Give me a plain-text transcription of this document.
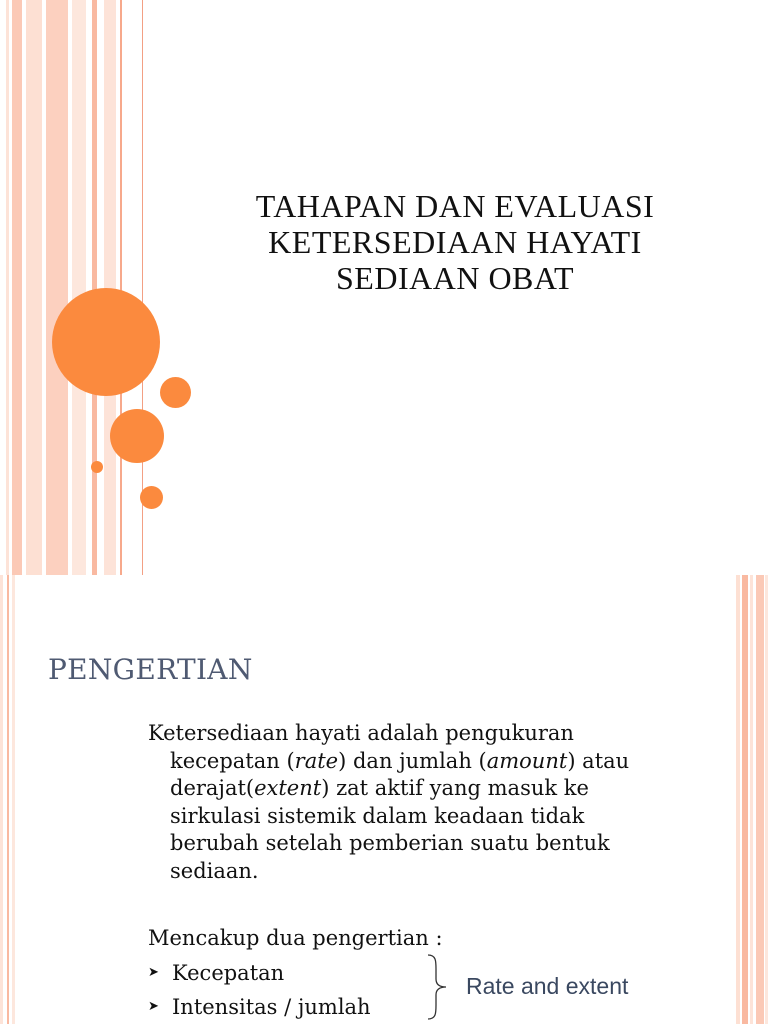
TAHAPAN DAN EVALUASI
KETERSEDIAAN HAYATI
SEDIAAN OBAT
PENGERTIAN
Ketersediaan hayati adalah pengukuran
kecepatan (rate) dan jumlah (amount) atau
derajat(extent) zat aktif yang masuk ke
sirkulasi sistemik dalam keadaan tidak
berubah setelah pemberian suatu bentuk
sediaan.
Mencakup dua pengertian :
➤ Kecepatan
➤ Intensitas / jumlah
Rate and extent
